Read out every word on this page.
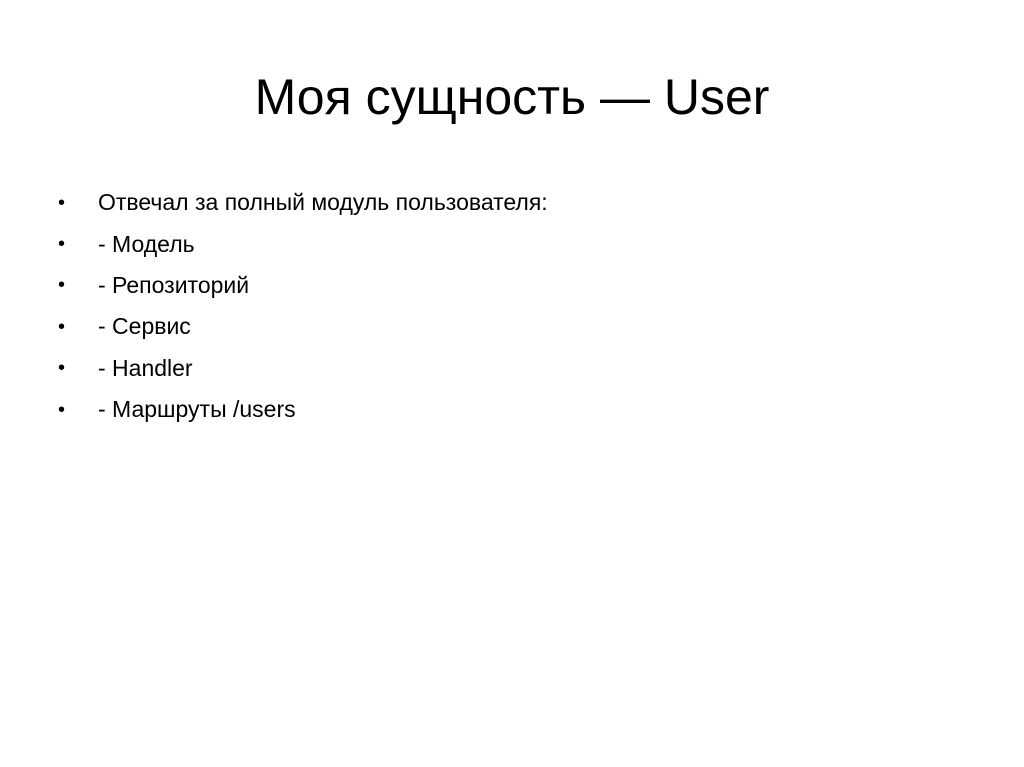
Моя сущность — User
•	Отвечал за полный модуль пользователя:
•	- Модель
•	- Репозиторий
•	- Сервис
•	- Handler
•	- Маршруты /users
